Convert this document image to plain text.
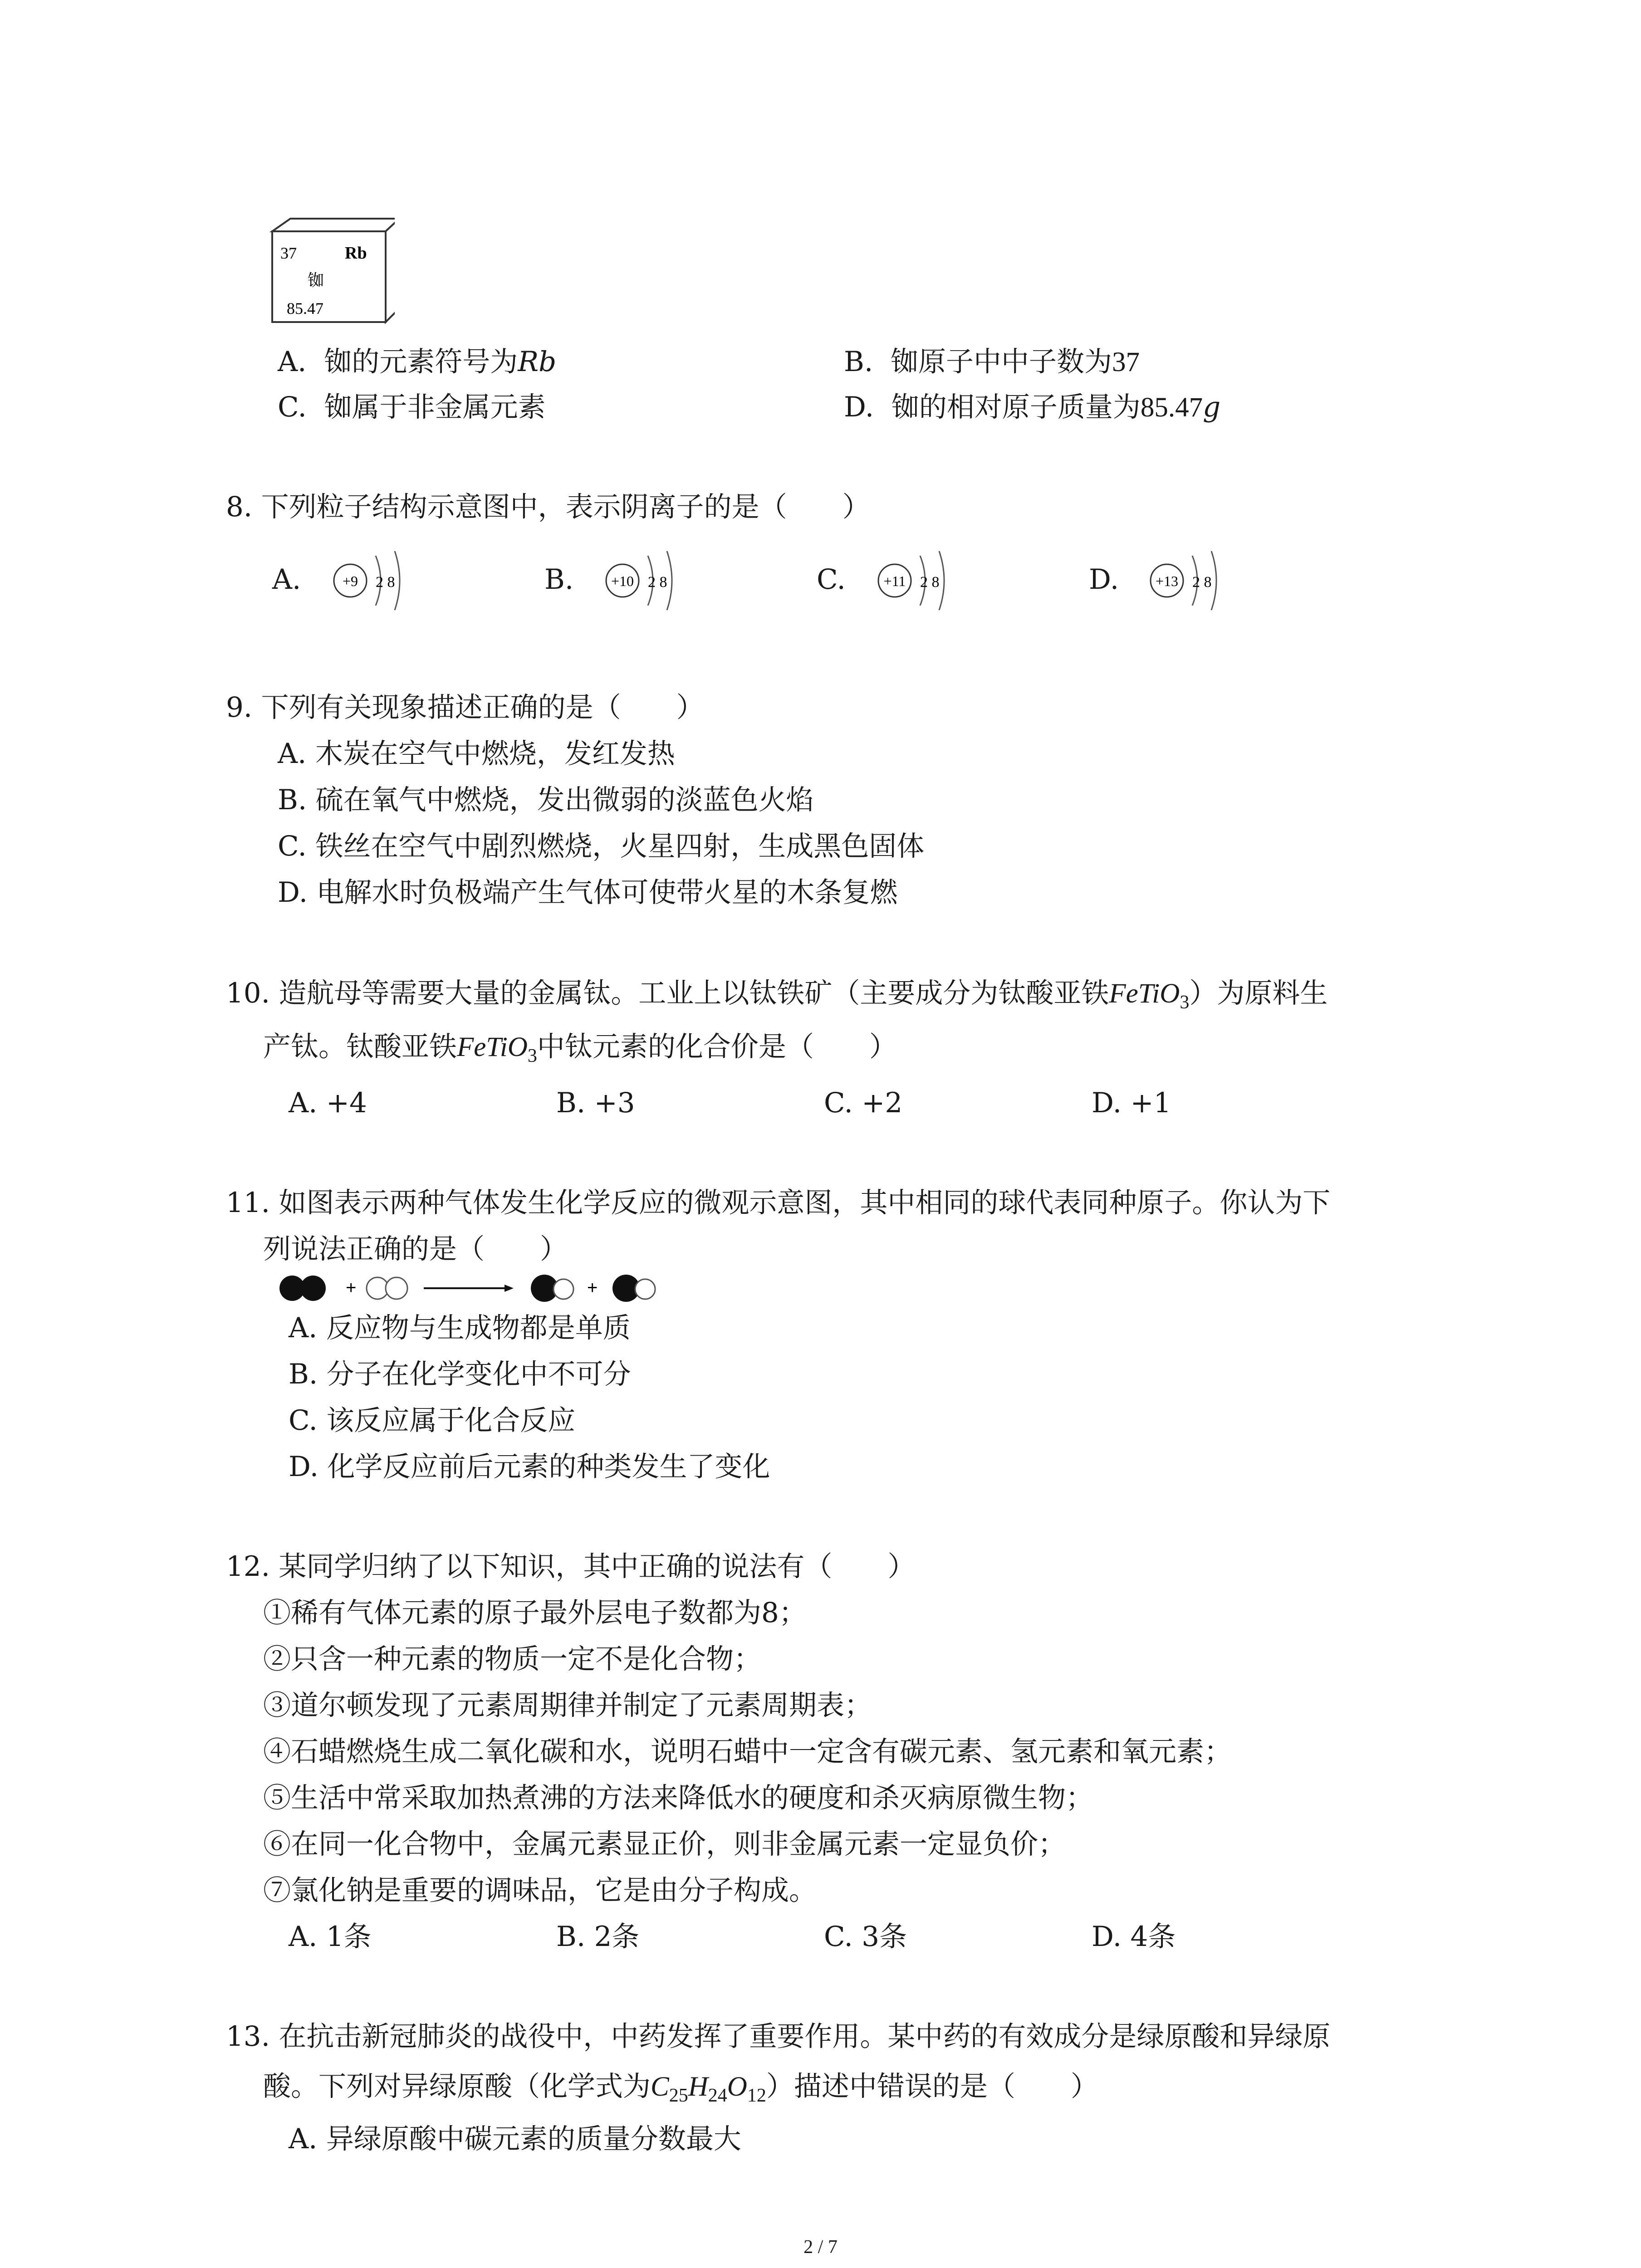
37	Rb
铷
85.47
A. 铷的元素符号为Rb	B. 铷原子中中子数为37
C. 铷属于非金属元素	D. 铷的相对原子质量为85.47g
8. 下列粒子结构示意图中，表示阴离子的是（　　）
A.	+9 2 8	B.	+10 2 8	C.	+11 2 8	D.	+13 2 8
9. 下列有关现象描述正确的是（　　）
A. 木炭在空气中燃烧，发红发热
B. 硫在氧气中燃烧，发出微弱的淡蓝色火焰
C. 铁丝在空气中剧烈燃烧，火星四射，生成黑色固体
D. 电解水时负极端产生气体可使带火星的木条复燃
10. 造航母等需要大量的金属钛。工业上以钛铁矿（主要成分为钛酸亚铁FeTiO$_3$）为原料生
产钛。钛酸亚铁FeTiO$_3$中钛元素的化合价是（　　）
A. +4	B. +3	C. +2	D. +1
11. 如图表示两种气体发生化学反应的微观示意图，其中相同的球代表同种原子。你认为下
列说法正确的是（　　）
+	+
A. 反应物与生成物都是单质
B. 分子在化学变化中不可分
C. 该反应属于化合反应
D. 化学反应前后元素的种类发生了变化
12. 某同学归纳了以下知识，其中正确的说法有（　　）
①稀有气体元素的原子最外层电子数都为8；
②只含一种元素的物质一定不是化合物；
③道尔顿发现了元素周期律并制定了元素周期表；
④石蜡燃烧生成二氧化碳和水，说明石蜡中一定含有碳元素、氢元素和氧元素；
⑤生活中常采取加热煮沸的方法来降低水的硬度和杀灭病原微生物；
⑥在同一化合物中，金属元素显正价，则非金属元素一定显负价；
⑦氯化钠是重要的调味品，它是由分子构成。
A. 1条	B. 2条	C. 3条	D. 4条
13. 在抗击新冠肺炎的战役中，中药发挥了重要作用。某中药的有效成分是绿原酸和异绿原
酸。下列对异绿原酸（化学式为$C_{25}H_{24}O_{12}$）描述中错误的是（　　）
A. 异绿原酸中碳元素的质量分数最大
2 / 7
